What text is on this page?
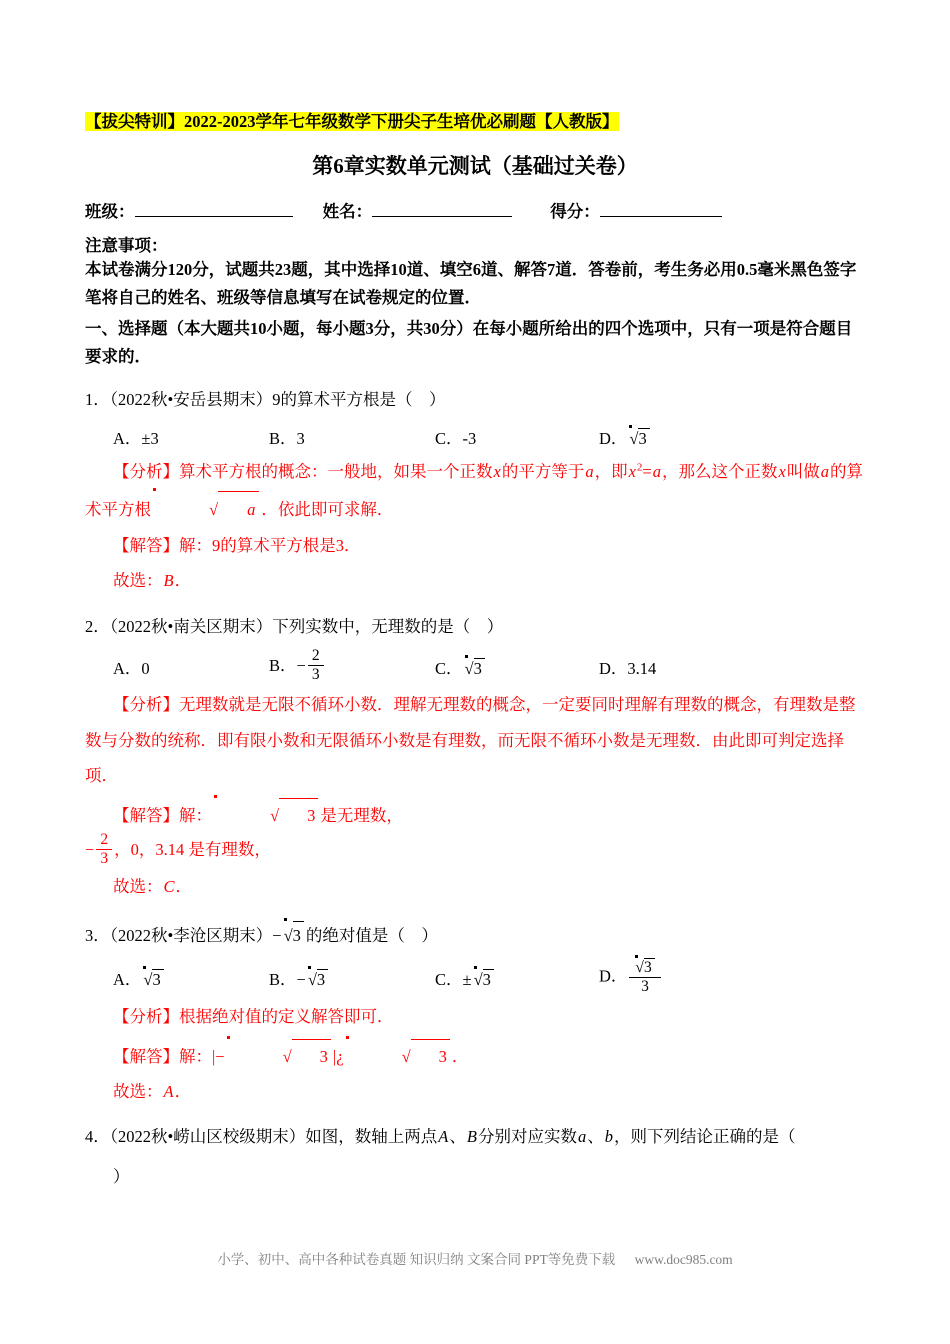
【拔尖特训】2022-2023学年七年级数学下册尖子生培优必刷题【人教版】
第6章实数单元测试（基础过关卷）
班级：	姓名：	得分：
注意事项：
本试卷满分120分，试题共23题，其中选择10道、填空6道、解答7道．答卷前，考生务必用0.5毫米黑色签字笔将自己的姓名、班级等信息填写在试卷规定的位置．
一、选择题（本大题共10小题，每小题3分，共30分）在每小题所给出的四个选项中，只有一项是符合题目要求的．
1．（2022秋•安岳县期末）9的算术平方根是（    ）
A．±3	B．3	C．-3	D． √3
【分析】算术平方根的概念：一般地，如果一个正数x的平方等于a，即$x^2=a$，那么这个正数x叫做a的算术平方根	√ a ．依此即可求解．
【解答】解：9的算术平方根是3．
故选：B．
2．（2022秋•南关区期末）下列实数中，无理数的是（    ）
A．0	B．− $\frac{2}{3}$	C． √3	D．3.14
【分析】无理数就是无限不循环小数．理解无理数的概念，一定要同时理解有理数的概念，有理数是整数与分数的统称．即有限小数和无限循环小数是有理数，而无限不循环小数是无理数．由此即可判定选择项．
【解答】解：	√ 3 是无理数，
− $\frac{2}{3}$ ，0，3.14 是有理数，
故选：C．
3．（2022秋•李沧区期末）− √3 的绝对值是（    ）
A． √3	B．− √3	C．± √3	D． $\frac{√3}{3}$
【分析】根据绝对值的定义解答即可．
【解答】解：|−	√ 3 |¿	√ 3 ．
故选：A．
4．（2022秋•崂山区校级期末）如图，数轴上两点A、B分别对应实数a、b，则下列结论正确的是（
）
小学、初中、高中各种试卷真题 知识归纳 文案合同 PPT等免费下载 www.doc985.com
